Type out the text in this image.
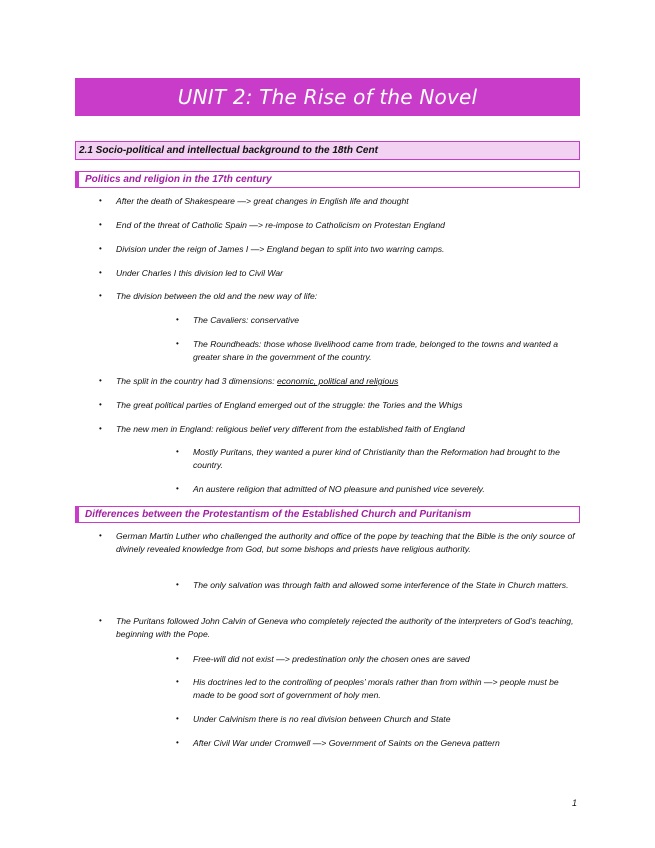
UNIT 2: The Rise of the Novel
2.1 Socio-political and intellectual background to the 18th Cent
Politics and religion in the 17th century
• After the death of Shakespeare —> great changes in English life and thought
• End of the threat of Catholic Spain —> re-impose to Catholicism on Protestan England
• Division under the reign of James I —> England began to split into two warring camps.
• Under Charles I this division led to Civil War
• The division between the old and the new way of life:
• The Cavaliers: conservative
• The Roundheads: those whose livelihood came from trade, belonged to the towns and wanted a greater share in the government of the country.
• The split in the country had 3 dimensions: economic, political and religious
• The great political parties of England emerged out of the struggle: the Tories and the Whigs
• The new men in England: religious belief very different from the established faith of England
• Mostly Puritans, they wanted a purer kind of Christianity than the Reformation had brought to the country.
• An austere religion that admitted of NO pleasure and punished vice severely.
Differences between the Protestantism of the Established Church and Puritanism
• German Martin Luther who challenged the authority and office of the pope by teaching that the Bible is the only source of divinely revealed knowledge from God, but some bishops and priests have religious authority.
• The only salvation was through faith and allowed some interference of the State in Church matters.
• The Puritans followed John Calvin of Geneva who completely rejected the authority of the interpreters of God’s teaching, beginning with the Pope.
• Free-will did not exist —> predestination only the chosen ones are saved
• His doctrines led to the controlling of peoples’ morals rather than from within —> people must be made to be good sort of government of holy men.
• Under Calvinism there is no real division between Church and State
• After Civil War under Cromwell —> Government of Saints on the Geneva pattern
1
